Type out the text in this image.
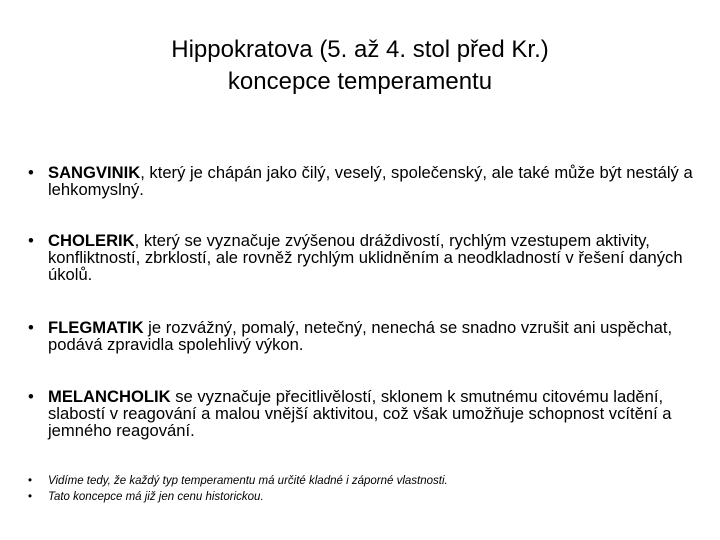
Hippokratova (5. až 4. stol před Kr.)
koncepce temperamentu
• SANGVINIK, který je chápán jako čilý, veselý, společenský, ale také může být nestálý a lehkomyslný.
• CHOLERIK, který se vyznačuje zvýšenou dráždivostí, rychlým vzestupem aktivity, konfliktností, zbrklostí, ale rovněž rychlým uklidněním a neodkladností v řešení daných úkolů.
• FLEGMATIK je rozvážný, pomalý, netečný, nenechá se snadno vzrušit ani uspěchat, podává zpravidla spolehlivý výkon.
• MELANCHOLIK se vyznačuje přecitlivělostí, sklonem k smutnému citovému ladění, slabostí v reagování a malou vnější aktivitou, což však umožňuje schopnost vcítění a jemného reagování.
• Vidíme tedy, že každý typ temperamentu má určité kladné i záporné vlastnosti.
• Tato koncepce má již jen cenu historickou.
